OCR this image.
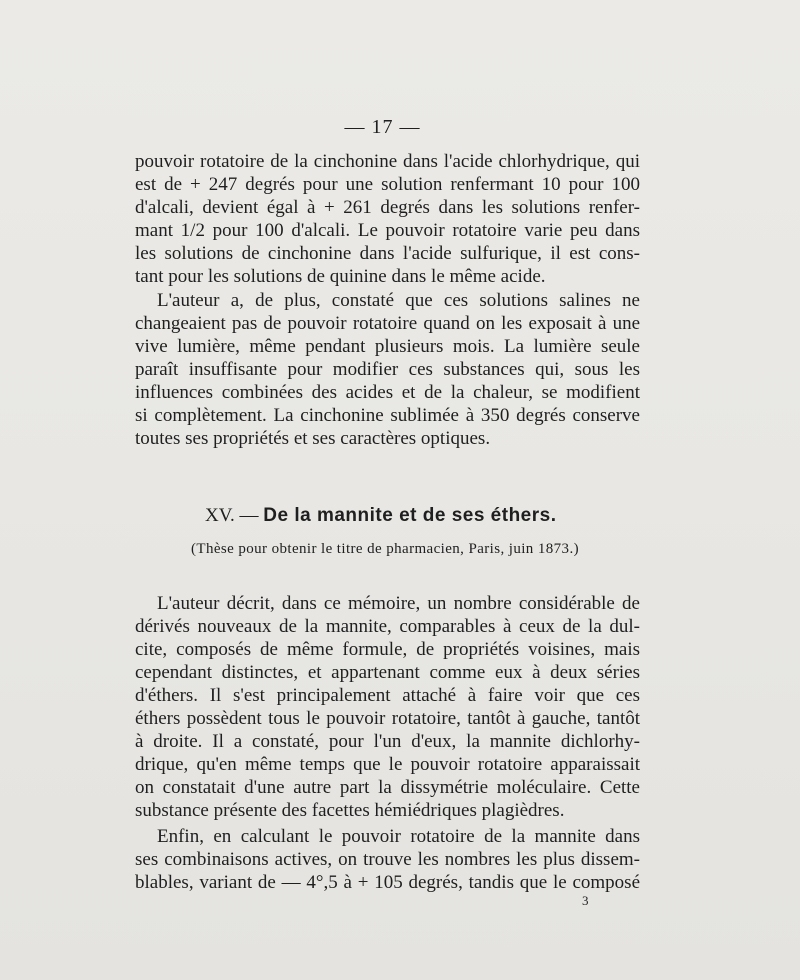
— 17 —
pouvoir rotatoire de la cinchonine dans l'acide chlorhydrique, qui
est de + 247 degrés pour une solution renfermant 10 pour 100
d'alcali, devient égal à + 261 degrés dans les solutions renfer-
mant 1/2 pour 100 d'alcali. Le pouvoir rotatoire varie peu dans
les solutions de cinchonine dans l'acide sulfurique, il est cons-
tant pour les solutions de quinine dans le même acide.
L'auteur a, de plus, constaté que ces solutions salines ne
changeaient pas de pouvoir rotatoire quand on les exposait à une
vive lumière, même pendant plusieurs mois. La lumière seule
paraît insuffisante pour modifier ces substances qui, sous les
influences combinées des acides et de la chaleur, se modifient
si complètement. La cinchonine sublimée à 350 degrés conserve
toutes ses propriétés et ses caractères optiques.
XV. — De la mannite et de ses éthers.
(Thèse pour obtenir le titre de pharmacien, Paris, juin 1873.)
L'auteur décrit, dans ce mémoire, un nombre considérable de
dérivés nouveaux de la mannite, comparables à ceux de la dul-
cite, composés de même formule, de propriétés voisines, mais
cependant distinctes, et appartenant comme eux à deux séries
d'éthers. Il s'est principalement attaché à faire voir que ces
éthers possèdent tous le pouvoir rotatoire, tantôt à gauche, tantôt
à droite. Il a constaté, pour l'un d'eux, la mannite dichlorhy-
drique, qu'en même temps que le pouvoir rotatoire apparaissait
on constatait d'une autre part la dissymétrie moléculaire. Cette
substance présente des facettes hémiédriques plagièdres.
Enfin, en calculant le pouvoir rotatoire de la mannite dans
ses combinaisons actives, on trouve les nombres les plus dissem-
blables, variant de — 4°,5 à + 105 degrés, tandis que le composé
3
